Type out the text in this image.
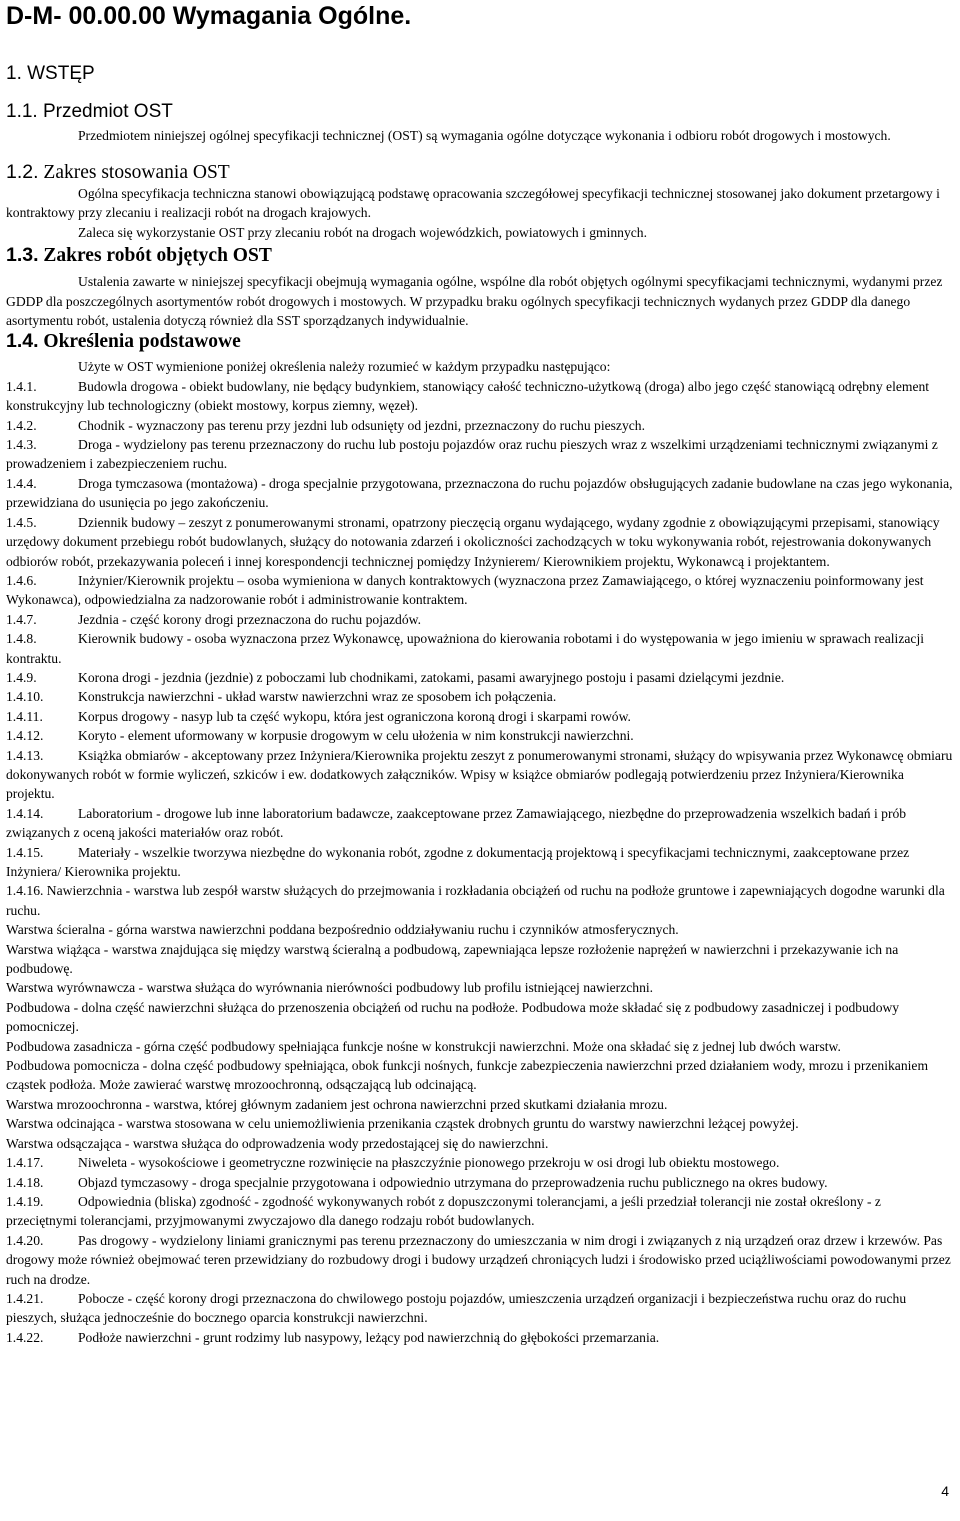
D-M- 00.00.00 Wymagania Ogólne.
1. WSTĘP
1.1. Przedmiot OST

Przedmiotem niniejszej ogólnej specyfikacji technicznej (OST) są wymagania ogólne dotyczące wykonania i odbioru robót drogowych i mostowych.

1.2. Zakres stosowania OST

Ogólna specyfikacja techniczna stanowi obowiązującą podstawę opracowania szczegółowej specyfikacji technicznej stosowanej jako dokument przetargowy i kontraktowy przy zlecaniu i realizacji robót na drogach krajowych.

Zaleca się wykorzystanie OST przy zlecaniu robót na drogach wojewódzkich, powiatowych i gminnych.

1.3. Zakres robót objętych OST

Ustalenia zawarte w niniejszej specyfikacji obejmują wymagania ogólne, wspólne dla robót objętych ogólnymi specyfikacjami technicznymi, wydanymi przez GDDP dla poszczególnych asortymentów robót drogowych i mostowych. W przypadku braku ogólnych specyfikacji technicznych wydanych przez GDDP dla danego asortymentu robót, ustalenia dotyczą również dla SST sporządzanych indywidualnie.

1.4. Określenia podstawowe

Użyte w OST wymienione poniżej określenia należy rozumieć w każdym przypadku następująco:

1.4.1.	Budowla drogowa - obiekt budowlany, nie będący budynkiem, stanowiący całość techniczno-użytkową (droga) albo jego część stanowiącą odrębny element konstrukcyjny lub technologiczny (obiekt mostowy, korpus ziemny, węzeł).

1.4.2.	Chodnik - wyznaczony pas terenu przy jezdni lub odsunięty od jezdni, przeznaczony do ruchu pieszych.

1.4.3.	Droga - wydzielony pas terenu przeznaczony do ruchu lub postoju pojazdów oraz ruchu pieszych wraz z wszelkimi urządzeniami technicznymi związanymi z prowadzeniem i zabezpieczeniem ruchu.

1.4.4.	Droga tymczasowa (montażowa) - droga specjalnie przygotowana, przeznaczona do ruchu pojazdów obsługujących zadanie budowlane na czas jego wykonania, przewidziana do usunięcia po jego zakończeniu.

1.4.5.	Dziennik budowy – zeszyt z ponumerowanymi stronami, opatrzony pieczęcią organu wydającego, wydany zgodnie z obowiązującymi przepisami, stanowiący urzędowy dokument przebiegu robót budowlanych, służący do notowania zdarzeń i okoliczności zachodzących w toku wykonywania robót, rejestrowania dokonywanych odbiorów robót, przekazywania poleceń i innej korespondencji technicznej pomiędzy Inżynierem/ Kierownikiem projektu, Wykonawcą i projektantem.

1.4.6.	Inżynier/Kierownik projektu – osoba wymieniona w danych kontraktowych (wyznaczona przez Zamawiającego, o której wyznaczeniu poinformowany jest Wykonawca), odpowiedzialna za nadzorowanie robót i administrowanie kontraktem.

1.4.7.	Jezdnia - część korony drogi przeznaczona do ruchu pojazdów.

1.4.8.	Kierownik budowy - osoba wyznaczona przez Wykonawcę, upoważniona do kierowania robotami i do występowania w jego imieniu w sprawach realizacji kontraktu.

1.4.9.	Korona drogi - jezdnia (jezdnie) z poboczami lub chodnikami, zatokami, pasami awaryjnego postoju i pasami dzielącymi jezdnie.

1.4.10.	Konstrukcja nawierzchni - układ warstw nawierzchni wraz ze sposobem ich połączenia.

1.4.11.	Korpus drogowy - nasyp lub ta część wykopu, która jest ograniczona koroną drogi i skarpami rowów.

1.4.12.	Koryto - element uformowany w korpusie drogowym w celu ułożenia w nim konstrukcji nawierzchni.

1.4.13.	Książka obmiarów - akceptowany przez Inżyniera/Kierownika projektu zeszyt z ponumerowanymi stronami, służący do wpisywania przez Wykonawcę obmiaru dokonywanych robót w formie wyliczeń, szkiców i ew. dodatkowych załączników. Wpisy w książce obmiarów podlegają potwierdzeniu przez Inżyniera/Kierownika projektu.

1.4.14.	Laboratorium - drogowe lub inne laboratorium badawcze, zaakceptowane przez Zamawiającego, niezbędne do przeprowadzenia wszelkich badań i prób związanych z oceną jakości materiałów oraz robót.

1.4.15.	Materiały - wszelkie tworzywa niezbędne do wykonania robót, zgodne z dokumentacją projektową i specyfikacjami technicznymi, zaakceptowane przez Inżyniera/ Kierownika projektu.

1.4.16. Nawierzchnia - warstwa lub zespół warstw służących do przejmowania i rozkładania obciążeń od ruchu na podłoże gruntowe i zapewniających dogodne warunki dla ruchu.

Warstwa ścieralna - górna warstwa nawierzchni poddana bezpośrednio oddziaływaniu ruchu i czynników atmosferycznych.

Warstwa wiążąca - warstwa znajdująca się między warstwą ścieralną a podbudową, zapewniająca lepsze rozłożenie naprężeń w nawierzchni i przekazywanie ich na podbudowę.

Warstwa wyrównawcza - warstwa służąca do wyrównania nierówności podbudowy lub profilu istniejącej nawierzchni.

Podbudowa - dolna część nawierzchni służąca do przenoszenia obciążeń od ruchu na podłoże. Podbudowa może składać się z podbudowy zasadniczej i podbudowy pomocniczej.

Podbudowa zasadnicza - górna część podbudowy spełniająca funkcje nośne w konstrukcji nawierzchni. Może ona składać się z jednej lub dwóch warstw.

Podbudowa pomocnicza - dolna część podbudowy spełniająca, obok funkcji nośnych, funkcje zabezpieczenia nawierzchni przed działaniem wody, mrozu i przenikaniem cząstek podłoża. Może zawierać warstwę mrozoochronną, odsączającą lub odcinającą.

Warstwa mrozoochronna - warstwa, której głównym zadaniem jest ochrona nawierzchni przed skutkami działania mrozu.

Warstwa odcinająca - warstwa stosowana w celu uniemożliwienia przenikania cząstek drobnych gruntu do warstwy nawierzchni leżącej powyżej.

Warstwa odsączająca - warstwa służąca do odprowadzenia wody przedostającej się do nawierzchni.

1.4.17.	Niweleta - wysokościowe i geometryczne rozwinięcie na płaszczyźnie pionowego przekroju w osi drogi lub obiektu mostowego.

1.4.18.	Objazd tymczasowy - droga specjalnie przygotowana i odpowiednio utrzymana do przeprowadzenia ruchu publicznego na okres budowy.

1.4.19.	Odpowiednia (bliska) zgodność - zgodność wykonywanych robót z dopuszczonymi tolerancjami, a jeśli przedział tolerancji nie został określony - z przeciętnymi tolerancjami, przyjmowanymi zwyczajowo dla danego rodzaju robót budowlanych.

1.4.20.	Pas drogowy - wydzielony liniami granicznymi pas terenu przeznaczony do umieszczania w nim drogi i związanych z nią urządzeń oraz drzew i krzewów. Pas drogowy może również obejmować teren przewidziany do rozbudowy drogi i budowy urządzeń chroniących ludzi i środowisko przed uciążliwościami powodowanymi przez ruch na drodze.

1.4.21.	Pobocze - część korony drogi przeznaczona do chwilowego postoju pojazdów, umieszczenia urządzeń organizacji i bezpieczeństwa ruchu oraz do ruchu pieszych, służąca jednocześnie do bocznego oparcia konstrukcji nawierzchni.

1.4.22.	Podłoże nawierzchni - grunt rodzimy lub nasypowy, leżący pod nawierzchnią do głębokości przemarzania.

4
